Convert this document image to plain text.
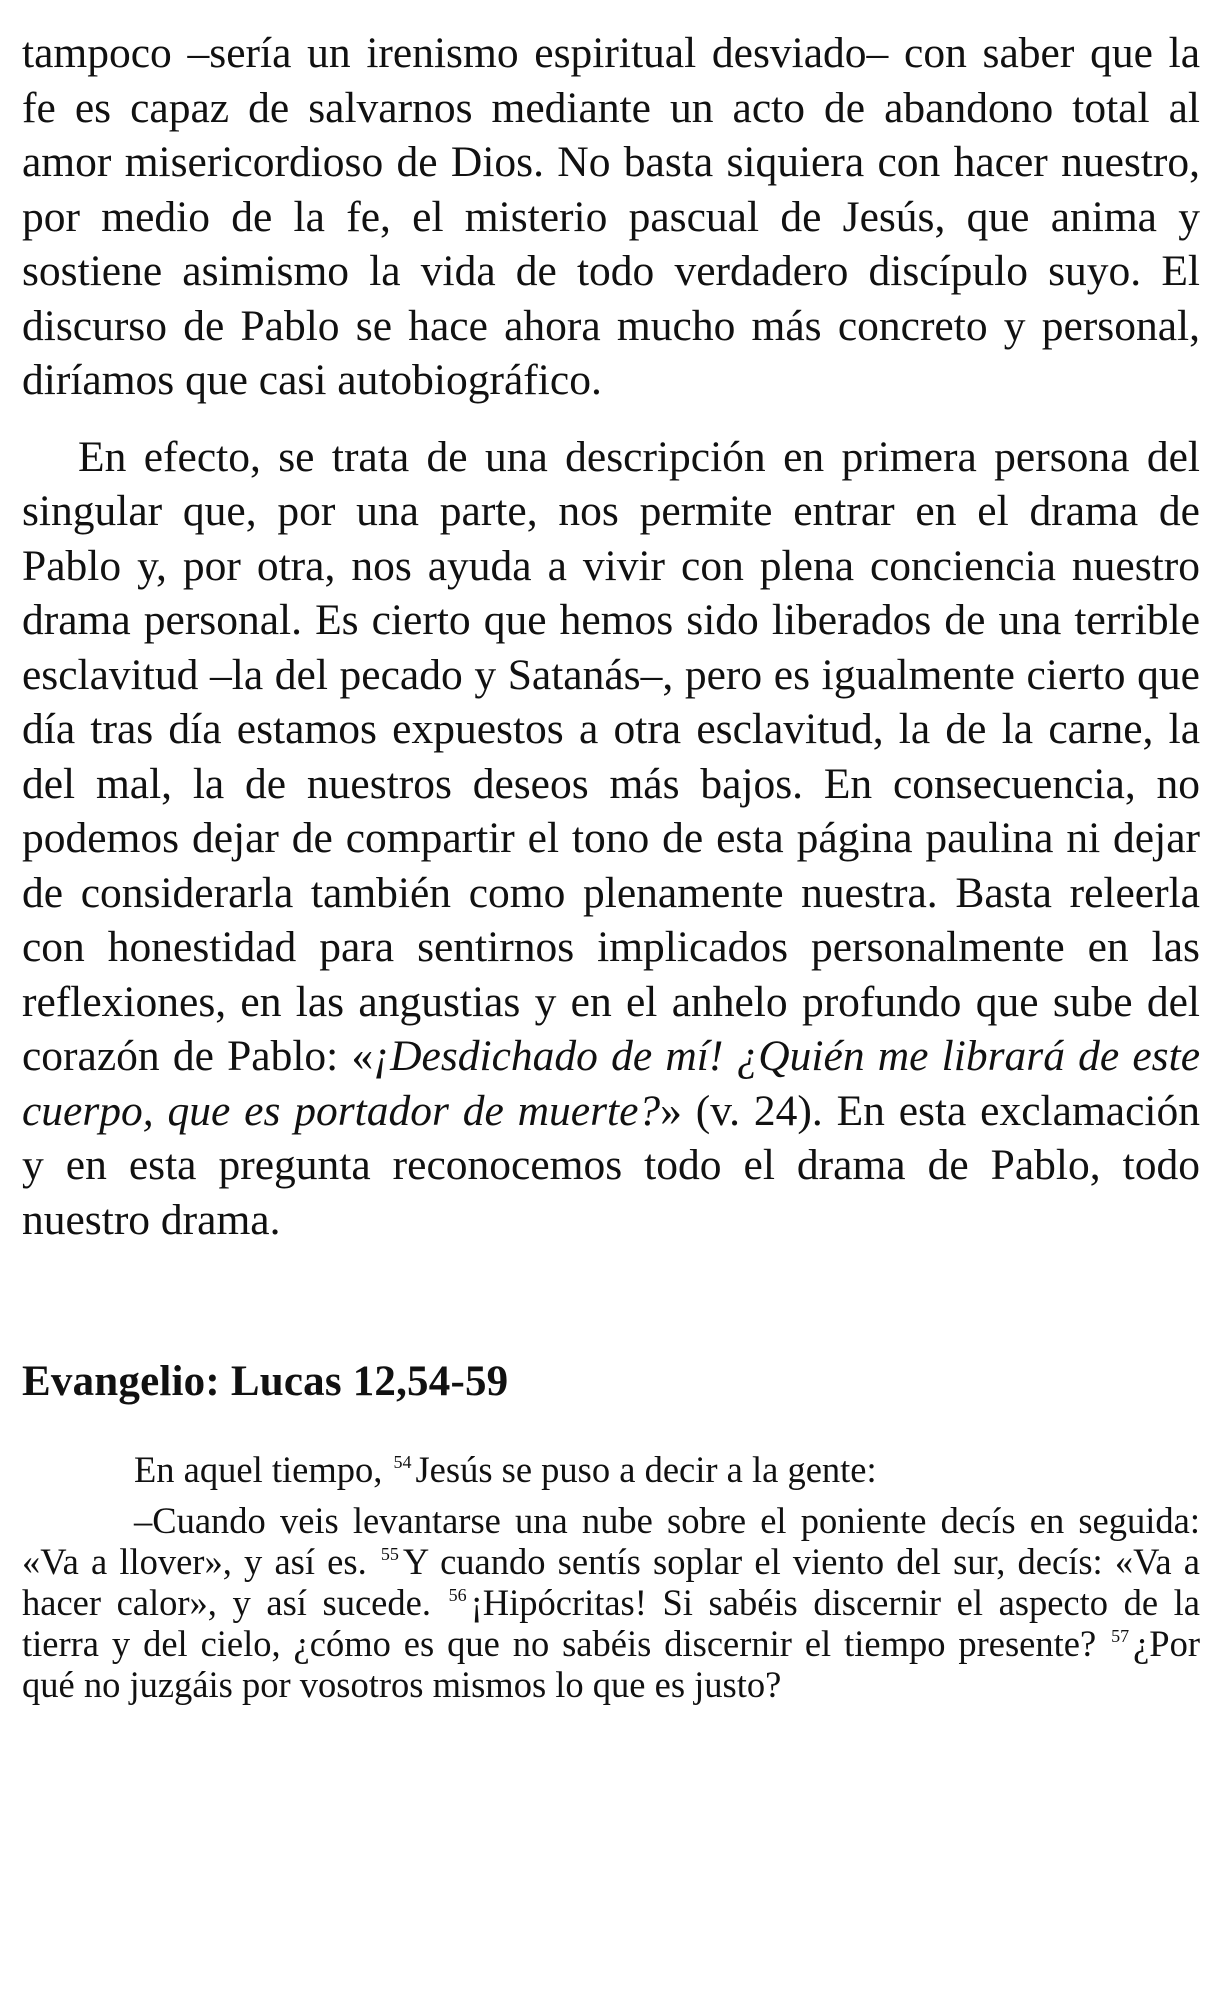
tampoco –sería un irenismo espiritual desviado– con saber que la fe es capaz de salvarnos mediante un acto de abandono total al amor misericordioso de Dios. No basta siquiera con hacer nuestro, por medio de la fe, el misterio pascual de Jesús, que anima y sostiene asimismo la vida de todo verdadero discípulo suyo. El discurso de Pablo se hace ahora mucho más concreto y personal, diríamos que casi autobiográfico.

En efecto, se trata de una descripción en primera persona del singular que, por una parte, nos permite entrar en el drama de Pablo y, por otra, nos ayuda a vivir con plena conciencia nuestro drama personal. Es cierto que hemos sido liberados de una terrible esclavitud –la del pecado y Satanás–, pero es igualmente cierto que día tras día estamos expuestos a otra esclavitud, la de la carne, la del mal, la de nuestros deseos más bajos. En consecuencia, no podemos dejar de compartir el tono de esta página paulina ni dejar de considerarla también como plenamente nuestra. Basta releerla con honestidad para sentirnos implicados personalmente en las reflexiones, en las angustias y en el anhelo profundo que sube del corazón de Pablo: «¡Desdichado de mí! ¿Quién me librará de este cuerpo, que es portador de muerte?» (v. 24). En esta exclamación y en esta pregunta reconocemos todo el drama de Pablo, todo nuestro drama.

Evangelio: Lucas 12,54-59

En aquel tiempo, $^{54}$ Jesús se puso a decir a la gente:

–Cuando veis levantarse una nube sobre el poniente decís en seguida: «Va a llover», y así es. $^{55}$ Y cuando sentís soplar el viento del sur, decís: «Va a hacer calor», y así sucede. $^{56}$ ¡Hipócritas! Si sabéis discernir el aspecto de la tierra y del cielo, ¿cómo es que no sabéis discernir el tiempo presente? $^{57}$ ¿Por qué no juzgáis por vosotros mismos lo que es justo?
